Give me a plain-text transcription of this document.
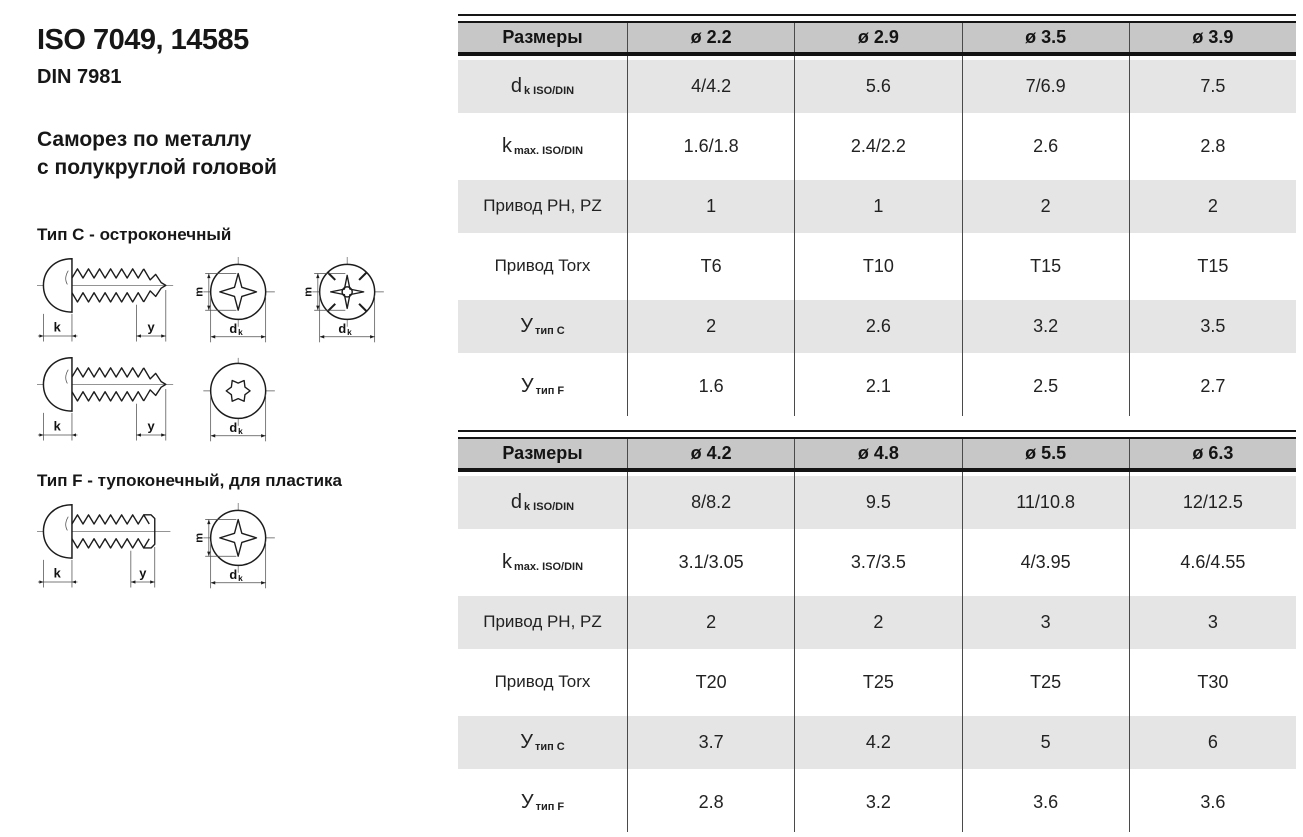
ISO 7049, 14585
DIN 7981
Саморез по металлу
с полукруглой головой
Тип C - остроконечный
k	y
m
d k
m
d k
k	y	d k
Тип F - тупоконечный, для пластика
k	y
m
d k
Размеры	ø 2.2	ø 2.9	ø 3.5	ø 3.9
d k ISO/DIN	4/4.2	5.6	7/6.9	7.5
k max. ISO/DIN	1.6/1.8	2.4/2.2	2.6	2.8
Привод PH, PZ	1	1	2	2
Привод Torx	T6	T10	T15	T15
У тип C	2	2.6	3.2	3.5
У тип F	1.6	2.1	2.5	2.7
Размеры	ø 4.2	ø 4.8	ø 5.5	ø 6.3
d k ISO/DIN	8/8.2	9.5	11/10.8	12/12.5
k max. ISO/DIN	3.1/3.05	3.7/3.5	4/3.95	4.6/4.55
Привод PH, PZ	2	2	3	3
Привод Torx	T20	T25	T25	T30
У тип C	3.7	4.2	5	6
У тип F	2.8	3.2	3.6	3.6
